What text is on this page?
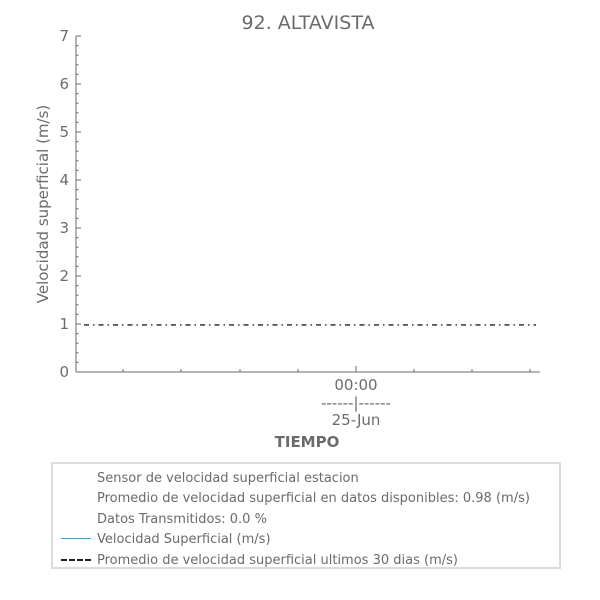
92. ALTAVISTA
0
1
2
3
4
5
6
7
Velocidad superficial (m/s)
00:00
------|------
25-Jun
TIEMPO
Sensor de velocidad superficial estacion
Promedio de velocidad superficial en datos disponibles: 0.98 (m/s)
Datos Transmitidos: 0.0 %
Velocidad Superficial (m/s)
Promedio de velocidad superficial ultimos 30 dias (m/s)
